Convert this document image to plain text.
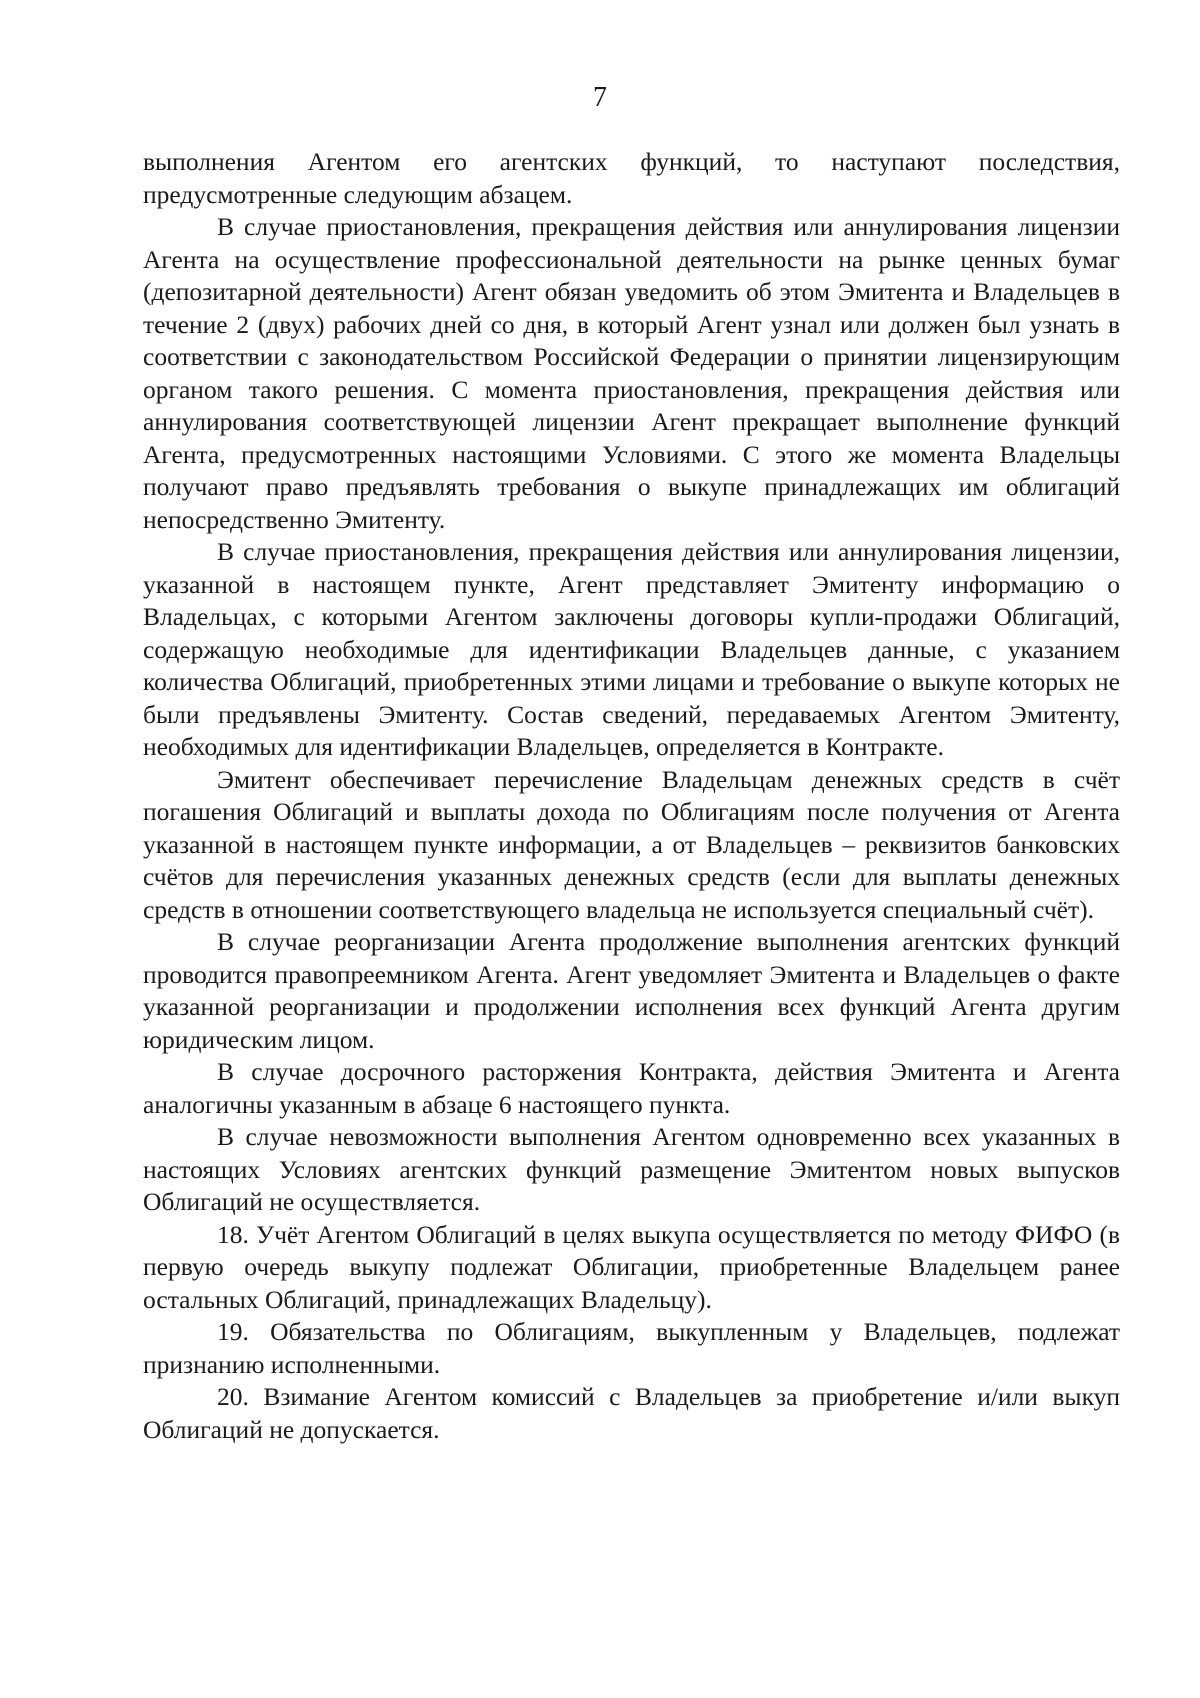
7

выполнения Агентом его агентских функций, то наступают последствия, предусмотренные следующим абзацем.

В случае приостановления, прекращения действия или аннулирования лицензии Агента на осуществление профессиональной деятельности на рынке ценных бумаг (депозитарной деятельности) Агент обязан уведомить об этом Эмитента и Владельцев в течение 2 (двух) рабочих дней со дня, в который Агент узнал или должен был узнать в соответствии с законодательством Российской Федерации о принятии лицензирующим органом такого решения. С момента приостановления, прекращения действия или аннулирования соответствующей лицензии Агент прекращает выполнение функций Агента, предусмотренных настоящими Условиями. С этого же момента Владельцы получают право предъявлять требования о выкупе принадлежащих им облигаций непосредственно Эмитенту.

В случае приостановления, прекращения действия или аннулирования лицензии, указанной в настоящем пункте, Агент представляет Эмитенту информацию о Владельцах, с которыми Агентом заключены договоры купли-продажи Облигаций, содержащую необходимые для идентификации Владельцев данные, с указанием количества Облигаций, приобретенных этими лицами и требование о выкупе которых не были предъявлены Эмитенту. Состав сведений, передаваемых Агентом Эмитенту, необходимых для идентификации Владельцев, определяется в Контракте.

Эмитент обеспечивает перечисление Владельцам денежных средств в счёт погашения Облигаций и выплаты дохода по Облигациям после получения от Агента указанной в настоящем пункте информации, а от Владельцев – реквизитов банковских счётов для перечисления указанных денежных средств (если для выплаты денежных средств в отношении соответствующего владельца не используется специальный счёт).

В случае реорганизации Агента продолжение выполнения агентских функций проводится правопреемником Агента. Агент уведомляет Эмитента и Владельцев о факте указанной реорганизации и продолжении исполнения всех функций Агента другим юридическим лицом.

В случае досрочного расторжения Контракта, действия Эмитента и Агента аналогичны указанным в абзаце 6 настоящего пункта.

В случае невозможности выполнения Агентом одновременно всех указанных в настоящих Условиях агентских функций размещение Эмитентом новых выпусков Облигаций не осуществляется.

18. Учёт Агентом Облигаций в целях выкупа осуществляется по методу ФИФО (в первую очередь выкупу подлежат Облигации, приобретенные Владельцем ранее остальных Облигаций, принадлежащих Владельцу).

19. Обязательства по Облигациям, выкупленным у Владельцев, подлежат признанию исполненными.

20. Взимание Агентом комиссий с Владельцев за приобретение и/или выкуп Облигаций не допускается.
